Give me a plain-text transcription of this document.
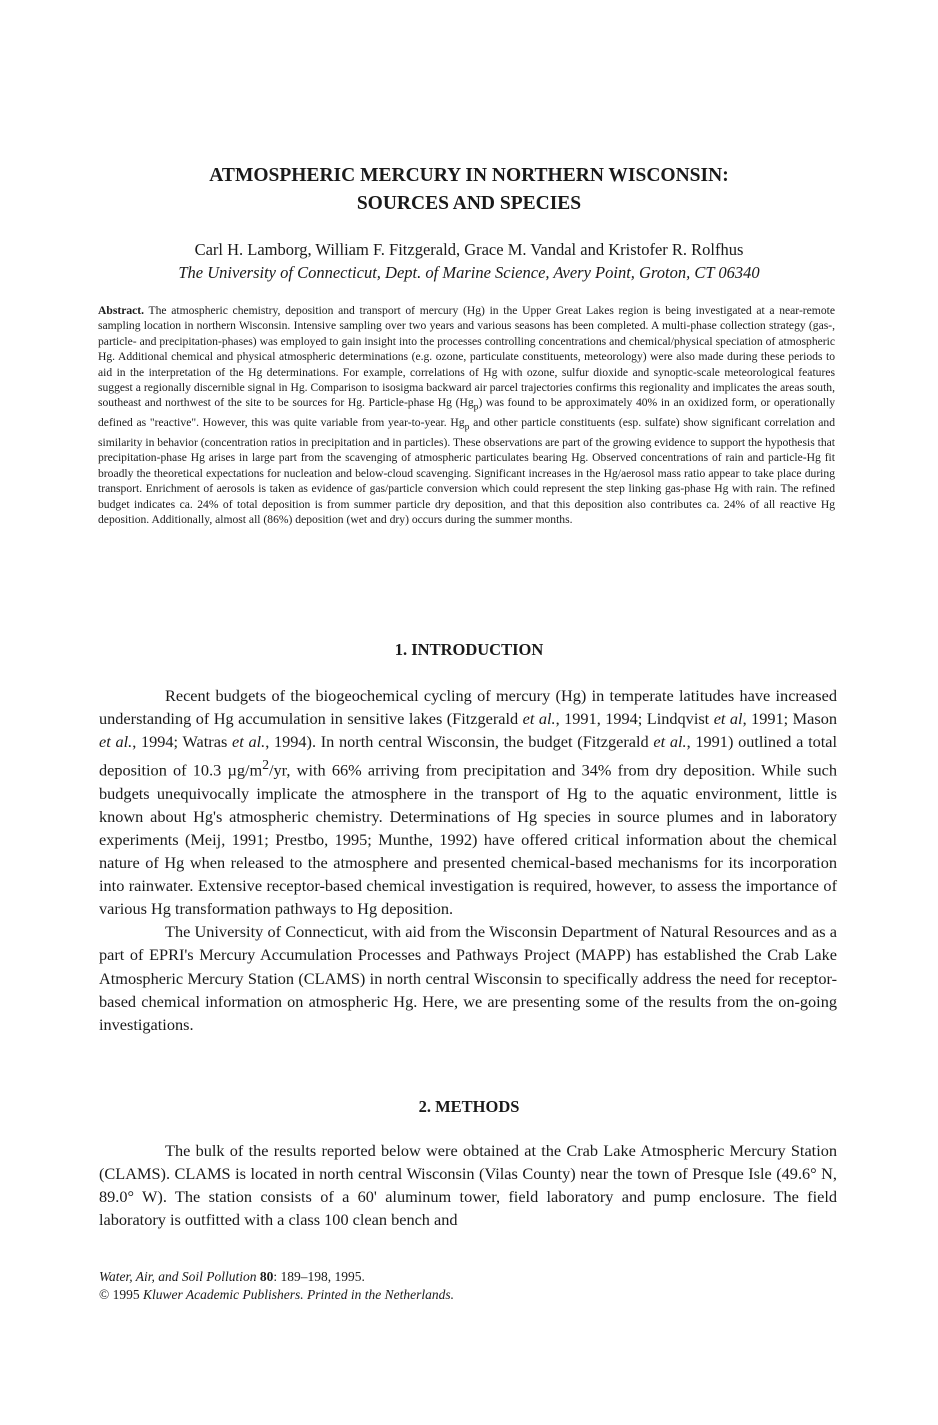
ATMOSPHERIC MERCURY IN NORTHERN WISCONSIN:
SOURCES AND SPECIES
Carl H. Lamborg, William F. Fitzgerald, Grace M. Vandal and Kristofer R. Rolfhus
The University of Connecticut, Dept. of Marine Science, Avery Point, Groton, CT 06340
Abstract. The atmospheric chemistry, deposition and transport of mercury (Hg) in the Upper Great Lakes region is being investigated at a near-remote sampling location in northern Wisconsin. Intensive sampling over two years and various seasons has been completed. A multi-phase collection strategy (gas-, particle- and precipitation-phases) was employed to gain insight into the processes controlling concentrations and chemical/physical speciation of atmospheric Hg. Additional chemical and physical atmospheric determinations (e.g. ozone, particulate constituents, meteorology) were also made during these periods to aid in the interpretation of the Hg determinations. For example, correlations of Hg with ozone, sulfur dioxide and synoptic-scale meteorological features suggest a regionally discernible signal in Hg. Comparison to isosigma backward air parcel trajectories confirms this regionality and implicates the areas south, southeast and northwest of the site to be sources for Hg. Particle-phase Hg $(Hg_p)$ was found to be approximately 40% in an oxidized form, or operationally defined as "reactive". However, this was quite variable from year-to-year. $Hg_p$ and other particle constituents (esp. sulfate) show significant correlation and similarity in behavior (concentration ratios in precipitation and in particles). These observations are part of the growing evidence to support the hypothesis that precipitation-phase Hg arises in large part from the scavenging of atmospheric particulates bearing Hg. Observed concentrations of rain and particle-Hg fit broadly the theoretical expectations for nucleation and below-cloud scavenging. Significant increases in the Hg/aerosol mass ratio appear to take place during transport. Enrichment of aerosols is taken as evidence of gas/particle conversion which could represent the step linking gas-phase Hg with rain. The refined budget indicates ca. 24% of total deposition is from summer particle dry deposition, and that this deposition also contributes ca. 24% of all reactive Hg deposition. Additionally, almost all (86%) deposition (wet and dry) occurs during the summer months.
1. INTRODUCTION

Recent budgets of the biogeochemical cycling of mercury (Hg) in temperate latitudes have increased understanding of Hg accumulation in sensitive lakes (Fitzgerald et al., 1991, 1994; Lindqvist et al, 1991; Mason et al., 1994; Watras et al., 1994). In north central Wisconsin, the budget (Fitzgerald et al., 1991) outlined a total deposition of 10.3 $\mu g/m^2/yr$, with 66% arriving from precipitation and 34% from dry deposition. While such budgets unequivocally implicate the atmosphere in the transport of Hg to the aquatic environment, little is known about Hg's atmospheric chemistry. Determinations of Hg species in source plumes and in laboratory experiments (Meij, 1991; Prestbo, 1995; Munthe, 1992) have offered critical information about the chemical nature of Hg when released to the atmosphere and presented chemical-based mechanisms for its incorporation into rainwater. Extensive receptor-based chemical investigation is required, however, to assess the importance of various Hg transformation pathways to Hg deposition.

The University of Connecticut, with aid from the Wisconsin Department of Natural Resources and as a part of EPRI's Mercury Accumulation Processes and Pathways Project (MAPP) has established the Crab Lake Atmospheric Mercury Station (CLAMS) in north central Wisconsin to specifically address the need for receptor-based chemical information on atmospheric Hg. Here, we are presenting some of the results from the on-going investigations.

2. METHODS

The bulk of the results reported below were obtained at the Crab Lake Atmospheric Mercury Station (CLAMS). CLAMS is located in north central Wisconsin (Vilas County) near the town of Presque Isle (49.6° N, 89.0° W). The station consists of a 60' aluminum tower, field laboratory and pump enclosure. The field laboratory is outfitted with a class 100 clean bench and

Water, Air, and Soil Pollution 80: 189–198, 1995.
© 1995 Kluwer Academic Publishers. Printed in the Netherlands.
